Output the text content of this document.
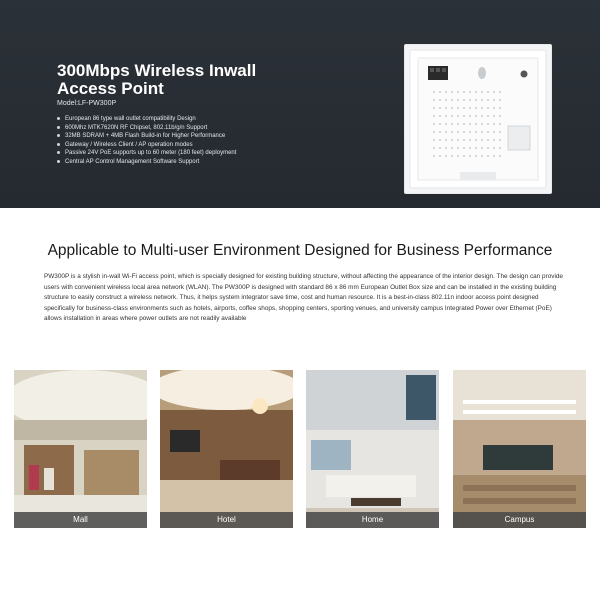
300Mbps Wireless Inwall
Access Point
Model:LF-PW300P
European 86 type wall outlet compatibility Design
600Mhz MTK7620N RF Chipset, 802.11b/g/n Support
32MB SDRAM + 4MB Flash Build-in for Higher Performance
Gateway / Wireless Client / AP operation modes
Passive 24V PoE supports up to 60 meter (180 feet) deployment
Central AP Control Management Software Support
Applicable to Multi-user Environment Designed for Business Performance
PW300P is a stylish in-wall Wi-Fi access point, which is specially designed for existing building structure, without affecting the appearance of the interior design. The design can provide users with convenient wireless local area network (WLAN). The PW300P is designed with standard 86 x 86 mm European Outlet Box size and can be installed in the existing building structure to easily construct a wireless network. Thus, it helps system integrator save time, cost and human resource. It is a best-in-class 802.11n indoor access point designed specifically for business-class environments such as hotels, airports, coffee shops, shopping centers, sporting venues, and university campus Integrated Power over Ethernet (PoE) allows installation in areas where power outlets are not readily available
Mall	Hotel	Home	Campus
